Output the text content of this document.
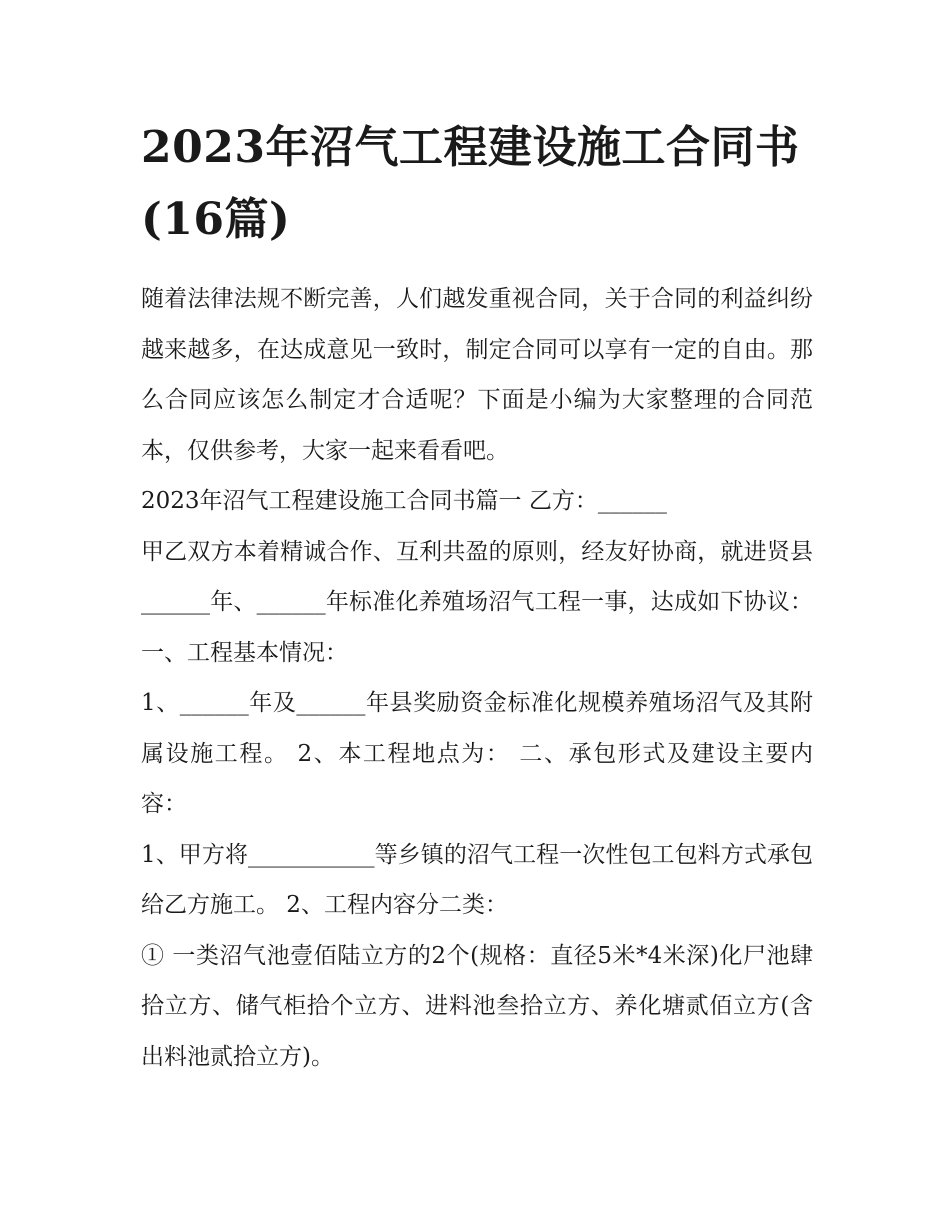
2023年沼气工程建设施工合同书(16篇)

随着法律法规不断完善，人们越发重视合同，关于合同的利益纠纷越来越多，在达成意见一致时，制定合同可以享有一定的自由。那么合同应该怎么制定才合适呢？下面是小编为大家整理的合同范本，仅供参考，大家一起来看看吧。

2023年沼气工程建设施工合同书篇一 乙方：______

甲乙双方本着精诚合作、互利共盈的原则，经友好协商，就进贤县______年、______年标准化养殖场沼气工程一事，达成如下协议： 一、工程基本情况：

1、______年及______年县奖励资金标准化规模养殖场沼气及其附属设施工程。 2、本工程地点为： 二、承包形式及建设主要内容：

1、甲方将___________等乡镇的沼气工程一次性包工包料方式承包给乙方施工。 2、工程内容分二类：

① 一类沼气池壹佰陆立方的2个(规格：直径5米*4米深)化尸池肆拾立方、储气柜拾个立方、进料池叁拾立方、养化塘贰佰立方(含出料池贰拾立方)。
